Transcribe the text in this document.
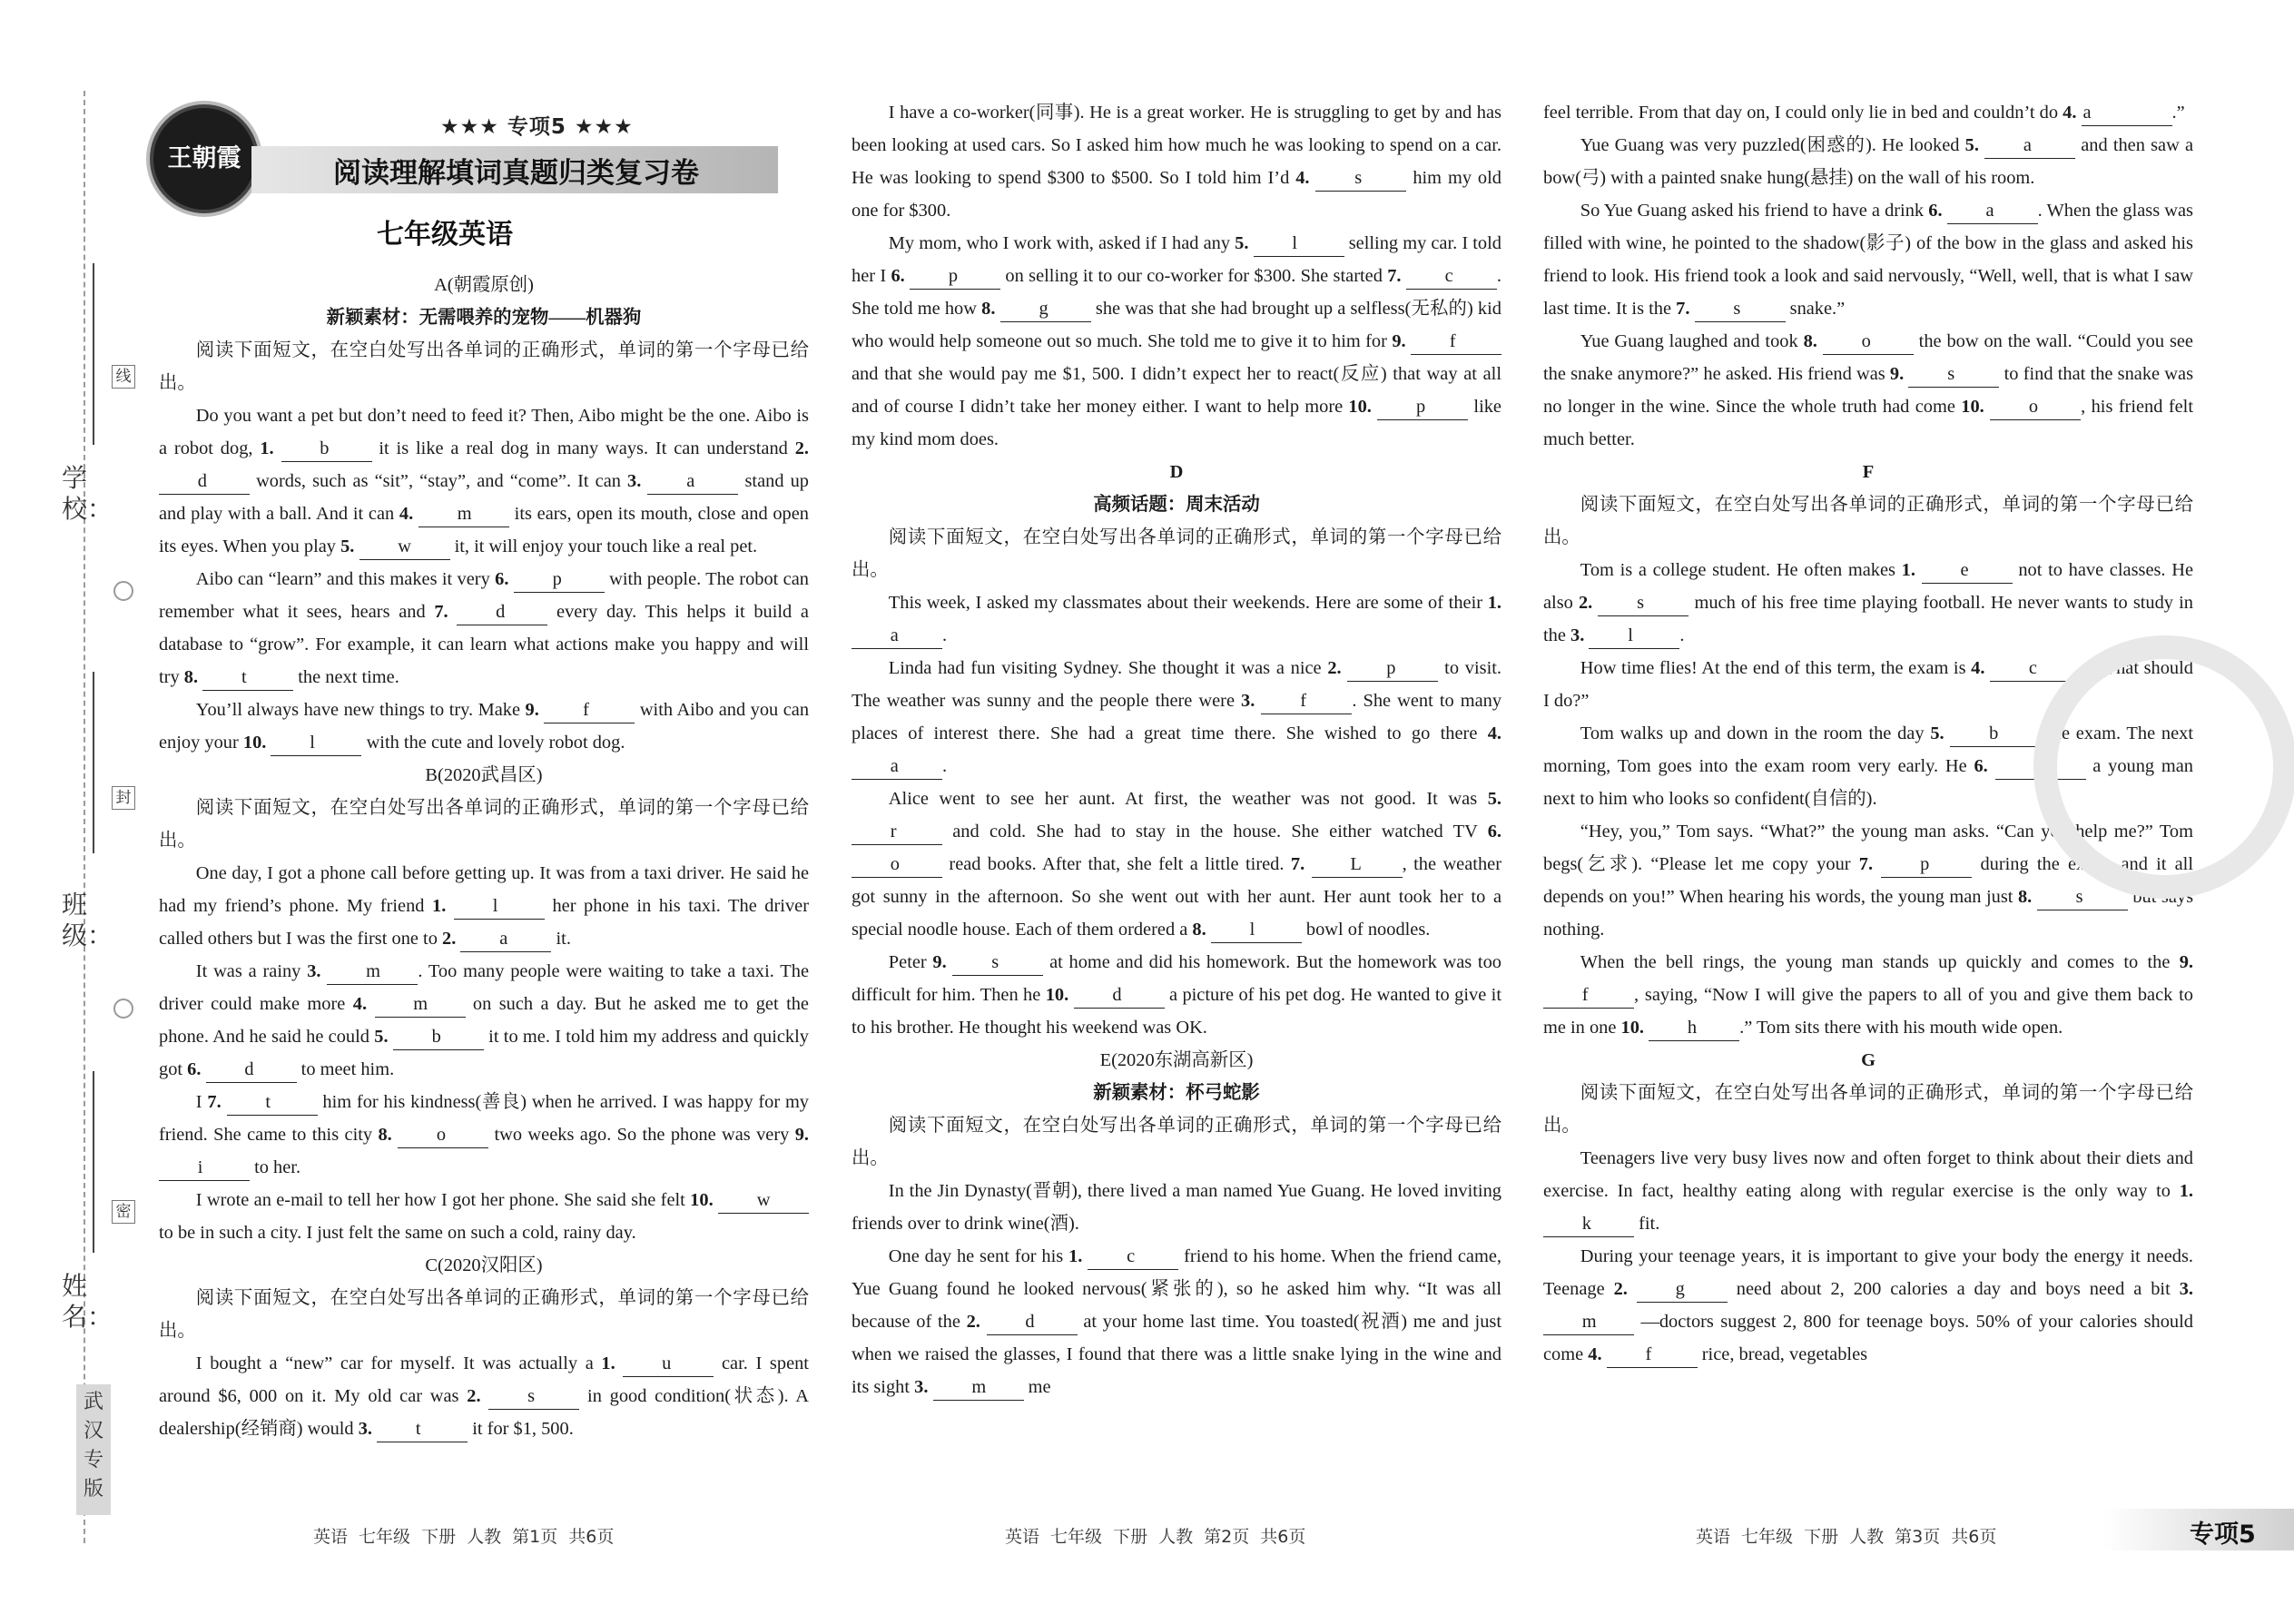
学校：
班级：
姓名：
线
封
密
武汉专版
王朝霞
★★★ 专项5 ★★★
阅读理解填词真题归类复习卷
七年级英语

A(朝霞原创)

新颖素材：无需喂养的宠物——机器狗

阅读下面短文，在空白处写出各单词的正确形式，单词的第一个字母已给出。

Do you want a pet but don’t need to feed it? Then, Aibo might be the one. Aibo is a robot dog, 1. b it is like a real dog in many ways. It can understand 2. d words, such as “sit”, “stay”, and “come”. It can 3. a stand up and play with a ball. And it can 4. m its ears, open its mouth, close and open its eyes. When you play 5. w it, it will enjoy your touch like a real pet.

Aibo can “learn” and this makes it very 6. p with people. The robot can remember what it sees, hears and 7.	d every day. This helps it build a database to “grow”. For example, it can learn what actions make you happy and will try 8. t	the next time.

You’ll always have new things to try. Make 9. f with Aibo and you can enjoy your 10. l	with the cute and lovely robot dog.

B(2020武昌区)

阅读下面短文，在空白处写出各单词的正确形式，单词的第一个字母已给出。

One day, I got a phone call before getting up. It was from a taxi driver. He said he had my friend’s phone. My friend 1.	l	her phone in his taxi. The driver called others but I was the first one to 2. a it.

It was a rainy 3. m . Too many people were waiting to take a taxi. The driver could make more 4.	m on such a day. But he asked me to get the phone. And he said he could 5. b it to me. I told him my address and quickly got 6. d to meet him.

I 7. t	him for his kindness(善良) when he arrived. I was happy for my friend. She came to this city 8. o two weeks ago. So the phone was very 9. i	to her.

I wrote an e-mail to tell her how I got her phone. She said she felt 10. w to be in such a city. I just felt the same on such a cold, rainy day.

C(2020汉阳区)

阅读下面短文，在空白处写出各单词的正确形式，单词的第一个字母已给出。

I bought a “new” car for myself. It was actually a 1.	u car. I spent around $6, 000 on it. My old car was 2.	s in good condition(状态). A dealership(经销商) would 3. t	it for $1, 500.

I have a co-worker(同事). He is a great worker. He is struggling to get by and has been looking at used cars. So I asked him how much he was looking to spend on a car. He was looking to spend $300 to $500. So I told him I’d 4. s him my old one for $300.

My mom, who I work with, asked if I had any 5. l	selling my car. I told her I 6. p on selling it to our co-worker for $300. She started 7. c . She told me how 8. g she was that she had brought up a selfless(无私的) kid who would help someone out so much. She told me to give it to him for 9. f and that she would pay me $1, 500. I didn’t expect her to react(反应) that way at all and of course I didn’t take her money either. I want to help more 10. p like my kind mom does.

D

高频话题：周末活动

阅读下面短文，在空白处写出各单词的正确形式，单词的第一个字母已给出。

This week, I asked my classmates about their weekends. Here are some of their 1. a .

Linda had fun visiting Sydney. She thought it was a nice 2. p to visit. The weather was sunny and the people there were 3. f . She went to many places of interest there. She had a great time there. She wished to go there 4. a .

Alice went to see her aunt. At first, the weather was not good. It was 5. r and cold. She had to stay in the house. She either watched TV 6. o read books. After that, she felt a little tired. 7. L , the weather got sunny in the afternoon. So she went out with her aunt. Her aunt took her to a special noodle house. Each of them ordered a 8. l	bowl of noodles.

Peter 9. s at home and did his homework. But the homework was too difficult for him. Then he 10. d a picture of his pet dog. He wanted to give it to his brother. He thought his weekend was OK.

E(2020东湖高新区)

新颖素材：杯弓蛇影

阅读下面短文，在空白处写出各单词的正确形式，单词的第一个字母已给出。

In the Jin Dynasty(晋朝), there lived a man named Yue Guang. He loved inviting friends over to drink wine(酒).

One day he sent for his 1. c friend to his home. When the friend came, Yue Guang found he looked nervous(紧张的), so he asked him why. “It was all because of the 2. d at your home last time. You toasted(祝酒) me and just when we raised the glasses, I found that there was a little snake lying in the wine and its sight 3. m me

feel terrible. From that day on, I could only lie in bed and couldn’t do 4. a	.”

Yue Guang was very puzzled(困惑的). He looked 5. a and then saw a bow(弓) with a painted snake hung(悬挂) on the wall of his room.

So Yue Guang asked his friend to have a drink 6. a . When the glass was filled with wine, he pointed to the shadow(影子) of the bow in the glass and asked his friend to look. His friend took a look and said nervously, “Well, well, that is what I saw last time. It is the 7. s snake.”

Yue Guang laughed and took 8. o the bow on the wall. “Could you see the snake anymore?” he asked. His friend was 9. s to find that the snake was no longer in the wine. Since the whole truth had come 10. o , his friend felt much better.

F

阅读下面短文，在空白处写出各单词的正确形式，单词的第一个字母已给出。

Tom is a college student. He often makes 1. e not to have classes. He also 2. s much of his free time playing football. He never wants to study in the 3. l	.

How time flies! At the end of this term, the exam is 4. c . “What should I do?”

Tom walks up and down in the room the day 5. b the exam. The next morning, Tom goes into the exam room very early. He 6. f a young man next to him who looks so confident(自信的).

“Hey, you,” Tom says. “What?” the young man asks. “Can you help me?” Tom begs(乞求). “Please let me copy your 7.	p during the exam, and it all depends on you!” When hearing his words, the young man just 8. s but says nothing.

When the bell rings, the young man stands up quickly and comes to the 9. f , saying, “Now I will give the papers to all of you and give them back to me in one 10. h .” Tom sits there with his mouth wide open.

G

阅读下面短文，在空白处写出各单词的正确形式，单词的第一个字母已给出。

Teenagers live very busy lives now and often forget to think about their diets and exercise. In fact, healthy eating along with regular exercise is the only way to 1. k fit.

During your teenage years, it is important to give your body the energy it needs. Teenage 2.	g need about 2, 200 calories a day and boys need a bit 3. m —doctors suggest 2, 800 for teenage boys. 50% of your calories should come 4. f rice, bread, vegetables

英语 七年级 下册 人教 第1页 共6页	英语 七年级 下册 人教 第2页 共6页	英语 七年级 下册 人教 第3页 共6页	专项5
